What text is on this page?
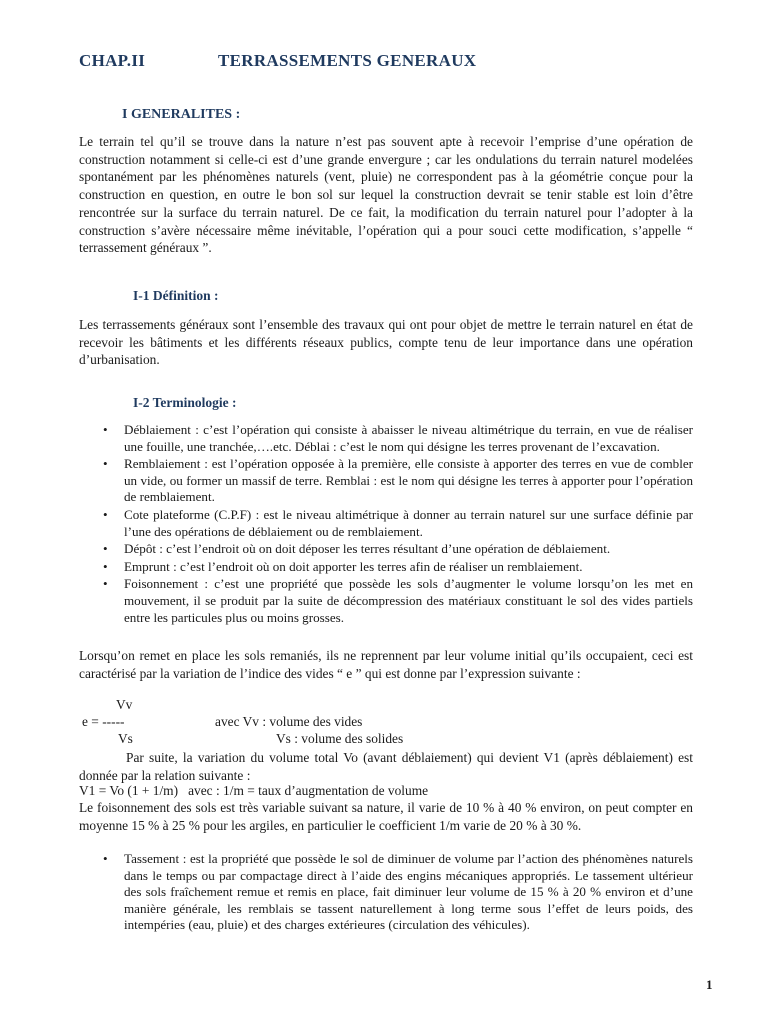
CHAP.II	TERRASSEMENTS GENERAUX
I GENERALITES :

Le terrain tel qu’il se trouve dans la nature n’est pas souvent apte à recevoir l’emprise d’une opération de construction notamment si celle-ci est d’une grande envergure ; car les ondulations du terrain naturel modelées spontanément par les phénomènes naturels (vent, pluie) ne correspondent pas à la géométrie conçue pour la construction en question, en outre le bon sol sur lequel la construction devrait se tenir stable est loin d’être rencontrée sur la surface du terrain naturel. De ce fait, la modification du terrain naturel pour l’adopter à la construction s’avère nécessaire même inévitable, l’opération qui a pour souci cette modification, s’appelle “ terrassement généraux ”.

I-1 Définition :

Les terrassements généraux sont l’ensemble des travaux qui ont pour objet de mettre le terrain naturel en état de recevoir les bâtiments et les différents réseaux publics, compte tenu de leur importance dans une opération d’urbanisation.

I-2 Terminologie :
• Déblaiement : c’est l’opération qui consiste à abaisser le niveau altimétrique du terrain, en vue de réaliser une fouille, une tranchée,….etc. Déblai : c’est le nom qui désigne les terres provenant de l’excavation.
• Remblaiement : est l’opération opposée à la première, elle consiste à apporter des terres en vue de combler un vide, ou former un massif de terre. Remblai : est le nom qui désigne les terres à apporter pour l’opération de remblaiement.
• Cote plateforme (C.P.F) : est le niveau altimétrique à donner au terrain naturel sur une surface définie par l’une des opérations de déblaiement ou de remblaiement.
• Dépôt : c’est l’endroit où on doit déposer les terres résultant d’une opération de déblaiement.
• Emprunt : c’est l’endroit où on doit apporter les terres afin de réaliser un remblaiement.
• Foisonnement : c’est une propriété que possède les sols d’augmenter le volume lorsqu’on les met en mouvement, il se produit par la suite de décompression des matériaux constituant le sol des vides partiels entre les particules plus ou moins grosses.

Lorsqu’on remet en place les sols remaniés, ils ne reprennent par leur volume initial qu’ils occupaient, ceci est caractérisé par la variation de l’indice des vides “ e ” qui est donne par l’expression suivante :

Vv
e = -----	avec Vv : volume des vides
Vs	Vs : volume des solides

Par suite, la variation du volume total Vo (avant déblaiement) qui devient V1 (après déblaiement) est donnée par la relation suivante :

V1 = Vo (1 + 1/m)   avec : 1/m = taux d’augmentation de volume

Le foisonnement des sols est très variable suivant sa nature, il varie de 10 % à 40 % environ, on peut compter en moyenne 15 % à 25 % pour les argiles, en particulier le coefficient 1/m varie de 20 % à 30 %.

• Tassement : est la propriété que possède le sol de diminuer de volume par l’action des phénomènes naturels dans le temps ou par compactage direct à l’aide des engins mécaniques appropriés. Le tassement ultérieur des sols fraîchement remue et remis en place, fait diminuer leur volume de 15 % à 20 % environ et d’une manière générale, les remblais se tassent naturellement à long terme sous l’effet de leurs poids, des intempéries (eau, pluie) et des charges extérieures (circulation des véhicules).
1
